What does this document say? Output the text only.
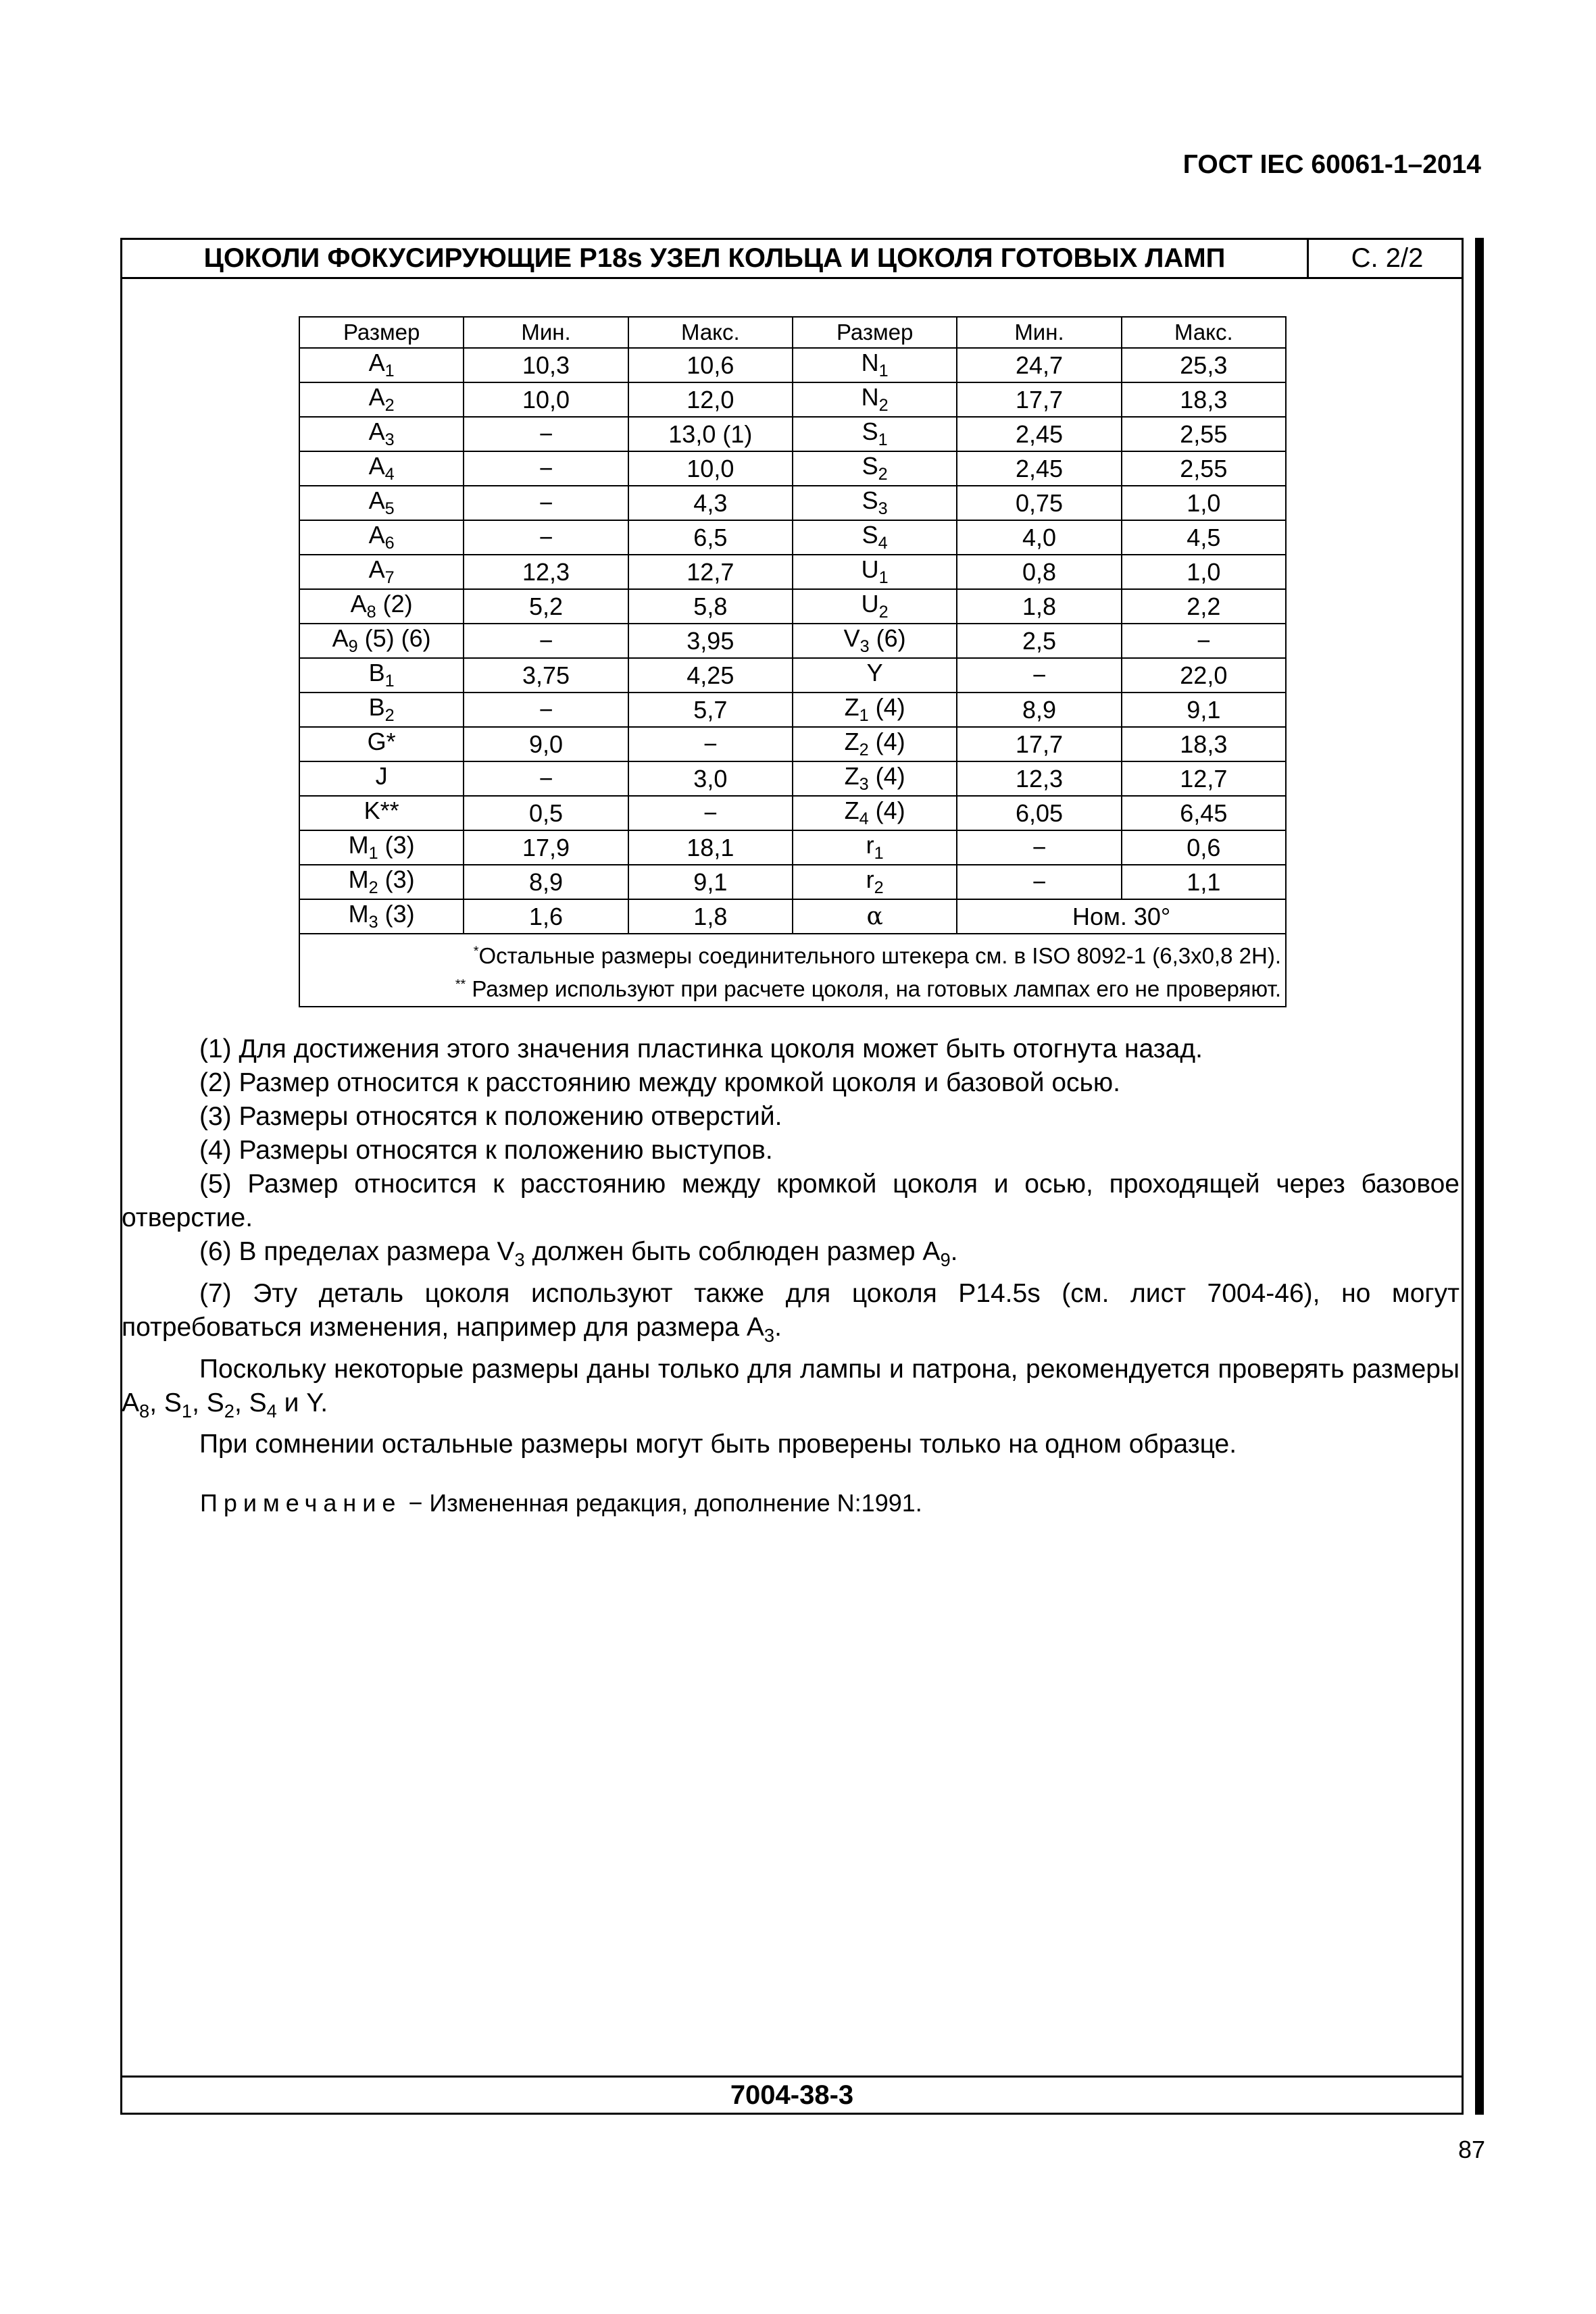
ГОСТ IEC 60061-1–2014
ЦОКОЛИ ФОКУСИРУЮЩИЕ P18s УЗЕЛ КОЛЬЦА И ЦОКОЛЯ ГОТОВЫХ ЛАМП	С. 2/2
7004-38-3
Размер	Мин.	Макс.	Размер	Мин.	Макс.
$A_1$	10,3	10,6	$N_1$	24,7	25,3
$A_2$	10,0	12,0	$N_2$	17,7	18,3
$A_3$	−	13,0 (1)	$S_1$	2,45	2,55
$A_4$	−	10,0	$S_2$	2,45	2,55
$A_5$	−	4,3	$S_3$	0,75	1,0
$A_6$	−	6,5	$S_4$	4,0	4,5
$A_7$	12,3	12,7	$U_1$	0,8	1,0
$A_8$ (2)	5,2	5,8	$U_2$	1,8	2,2
$A_9$ (5) (6)	−	3,95	$V_3$ (6)	2,5	−
$B_1$	3,75	4,25	Y	−	22,0
$B_2$	−	5,7	$Z_1$ (4)	8,9	9,1
G*	9,0	−	$Z_2$ (4)	17,7	18,3
J	−	3,0	$Z_3$ (4)	12,3	12,7
K**	0,5	−	$Z_4$ (4)	6,05	6,45
$M_1$ (3)	17,9	18,1	$r_1$	−	0,6
$M_2$ (3)	8,9	9,1	$r_2$	−	1,1
$M_3$ (3)	1,6	1,8	α	Ном. 30°	

*Остальные размеры соединительного штекера см. в ISO 8092-1 (6,3x0,8 2H).
** Размер используют при расчете цоколя, на готовых лампах его не проверяют.					

(1) Для достижения этого значения пластинка цоколя может быть отогнута назад.

(2) Размер относится к расстоянию между кромкой цоколя и базовой осью.

(3) Размеры относятся к положению отверстий.

(4) Размеры относятся к положению выступов.

(5) Размер относится к расстоянию между кромкой цоколя и осью, проходящей через базовое отверстие.

(6) В пределах размера $V_3$ должен быть соблюден размер $A_9$.

(7) Эту деталь цоколя используют также для цоколя P14.5s (см. лист 7004-46), но могут потребоваться изменения, например для размера $A_3$.

Поскольку некоторые размеры даны только для лампы и патрона, рекомендуется проверять размеры $A_8$, $S_1$, $S_2$, $S_4$ и Y.

При сомнении остальные размеры могут быть проверены только на одном образце.

Примечание − Измененная редакция, дополнение N:1991.
87
